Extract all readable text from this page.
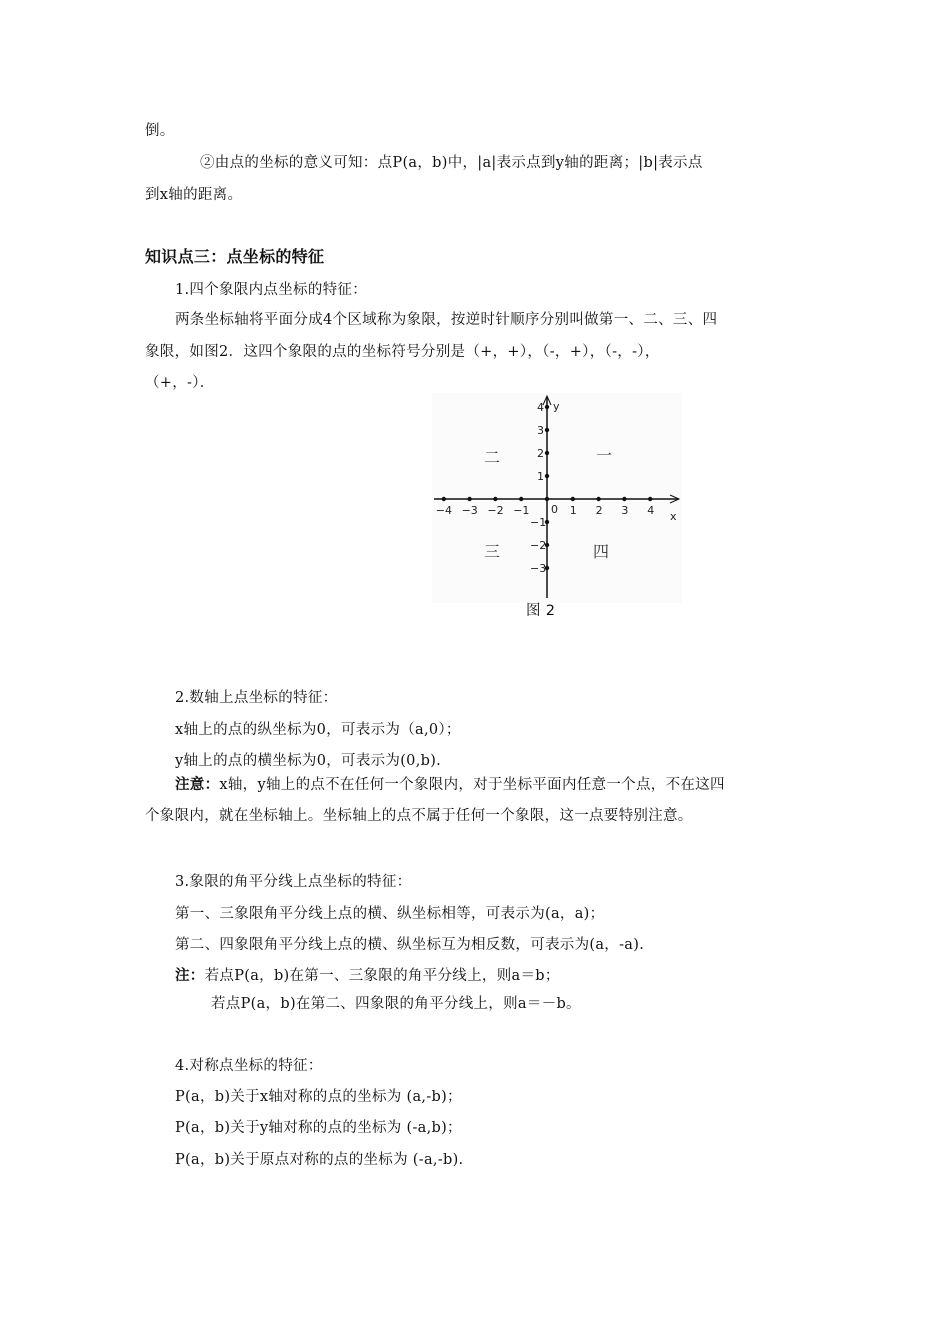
倒。
②由点的坐标的意义可知：点P(a，b)中，|a|表示点到y轴的距离；|b|表示点
到x轴的距离。
知识点三：点坐标的特征
1.四个象限内点坐标的特征：
两条坐标轴将平面分成4个区域称为象限，按逆时针顺序分别叫做第一、二、三、四
象限，如图2．这四个象限的点的坐标符号分别是（+，+），（-，+），（-，-），
（+，-）．
0
x
y
−4 −3 −2 −1	1 2 3 4
−3
−2
−1
1
2
3
4
一
二
三	四
图 2
2.数轴上点坐标的特征：
x轴上的点的纵坐标为0，可表示为（a,0）；
y轴上的点的横坐标为0，可表示为(0,b).
注意：x轴，y轴上的点不在任何一个象限内，对于坐标平面内任意一个点，不在这四
个象限内，就在坐标轴上。坐标轴上的点不属于任何一个象限，这一点要特别注意。
3.象限的角平分线上点坐标的特征：
第一、三象限角平分线上点的横、纵坐标相等，可表示为(a，a)；
第二、四象限角平分线上点的横、纵坐标互为相反数，可表示为(a，-a).
注：若点P(a，b)在第一、三象限的角平分线上，则a＝b；
若点P(a，b)在第二、四象限的角平分线上，则a＝－b。
4.对称点坐标的特征：
P(a，b)关于x轴对称的点的坐标为 (a,-b)；
P(a，b)关于y轴对称的点的坐标为 (-a,b)；
P(a，b)关于原点对称的点的坐标为 (-a,-b).
